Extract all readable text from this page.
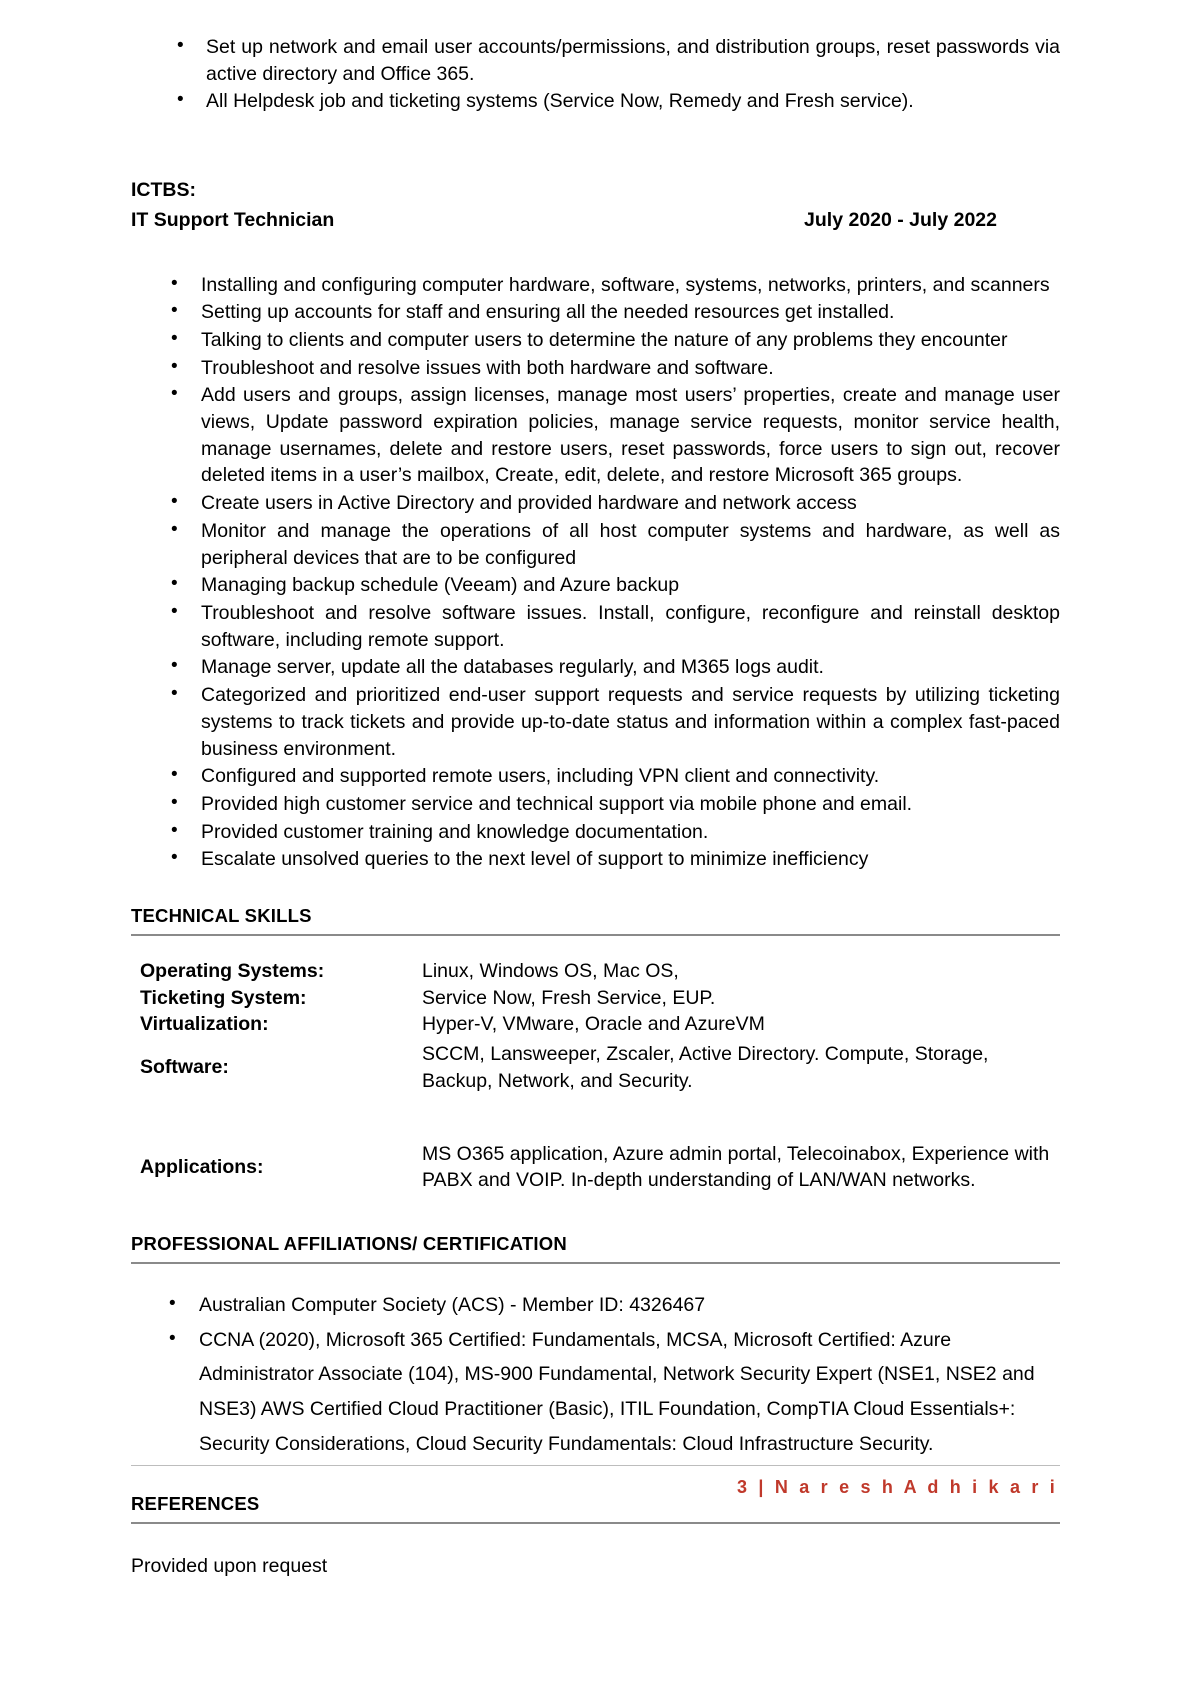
• Set up network and email user accounts/permissions, and distribution groups, reset passwords via active directory and Office 365.
• All Helpdesk job and ticketing systems (Service Now, Remedy and Fresh service).
ICTBS:
IT Support Technician	July 2020 - July 2022
• Installing and configuring computer hardware, software, systems, networks, printers, and scanners
• Setting up accounts for staff and ensuring all the needed resources get installed.
• Talking to clients and computer users to determine the nature of any problems they encounter
• Troubleshoot and resolve issues with both hardware and software.
• Add users and groups, assign licenses, manage most users’ properties, create and manage user views, Update password expiration policies, manage service requests, monitor service health, manage usernames, delete and restore users, reset passwords, force users to sign out, recover deleted items in a user’s mailbox, Create, edit, delete, and restore Microsoft 365 groups.
• Create users in Active Directory and provided hardware and network access
• Monitor and manage the operations of all host computer systems and hardware, as well as peripheral devices that are to be configured
• Managing backup schedule (Veeam) and Azure backup
• Troubleshoot and resolve software issues. Install, configure, reconfigure and reinstall desktop software, including remote support.
• Manage server, update all the databases regularly, and M365 logs audit.
• Categorized and prioritized end-user support requests and service requests by utilizing ticketing systems to track tickets and provide up-to-date status and information within a complex fast-paced business environment.
• Configured and supported remote users, including VPN client and connectivity.
• Provided high customer service and technical support via mobile phone and email.
• Provided customer training and knowledge documentation.
• Escalate unsolved queries to the next level of support to minimize inefficiency
TECHNICAL SKILLS
Operating Systems:	Linux, Windows OS, Mac OS,
Ticketing System:	Service Now, Fresh Service, EUP.
Virtualization:	Hyper-V, VMware, Oracle and AzureVM
Software:	SCCM, Lansweeper, Zscaler, Active Directory. Compute, Storage, Backup, Network, and Security.

Applications:	MS O365 application, Azure admin portal, Telecoinabox, Experience with PABX and VOIP. In-depth understanding of LAN/WAN networks.
PROFESSIONAL AFFILIATIONS/ CERTIFICATION
• Australian Computer Society (ACS) - Member ID: 4326467
• CCNA (2020), Microsoft 365 Certified: Fundamentals, MCSA, Microsoft Certified: Azure Administrator Associate (104), MS-900 Fundamental, Network Security Expert (NSE1, NSE2 and NSE3) AWS Certified Cloud Practitioner (Basic), ITIL Foundation, CompTIA Cloud Essentials+: Security Considerations, Cloud Security Fundamentals: Cloud Infrastructure Security.
REFERENCES
Provided upon request
3 | N a r e s h A d h i k a r i
